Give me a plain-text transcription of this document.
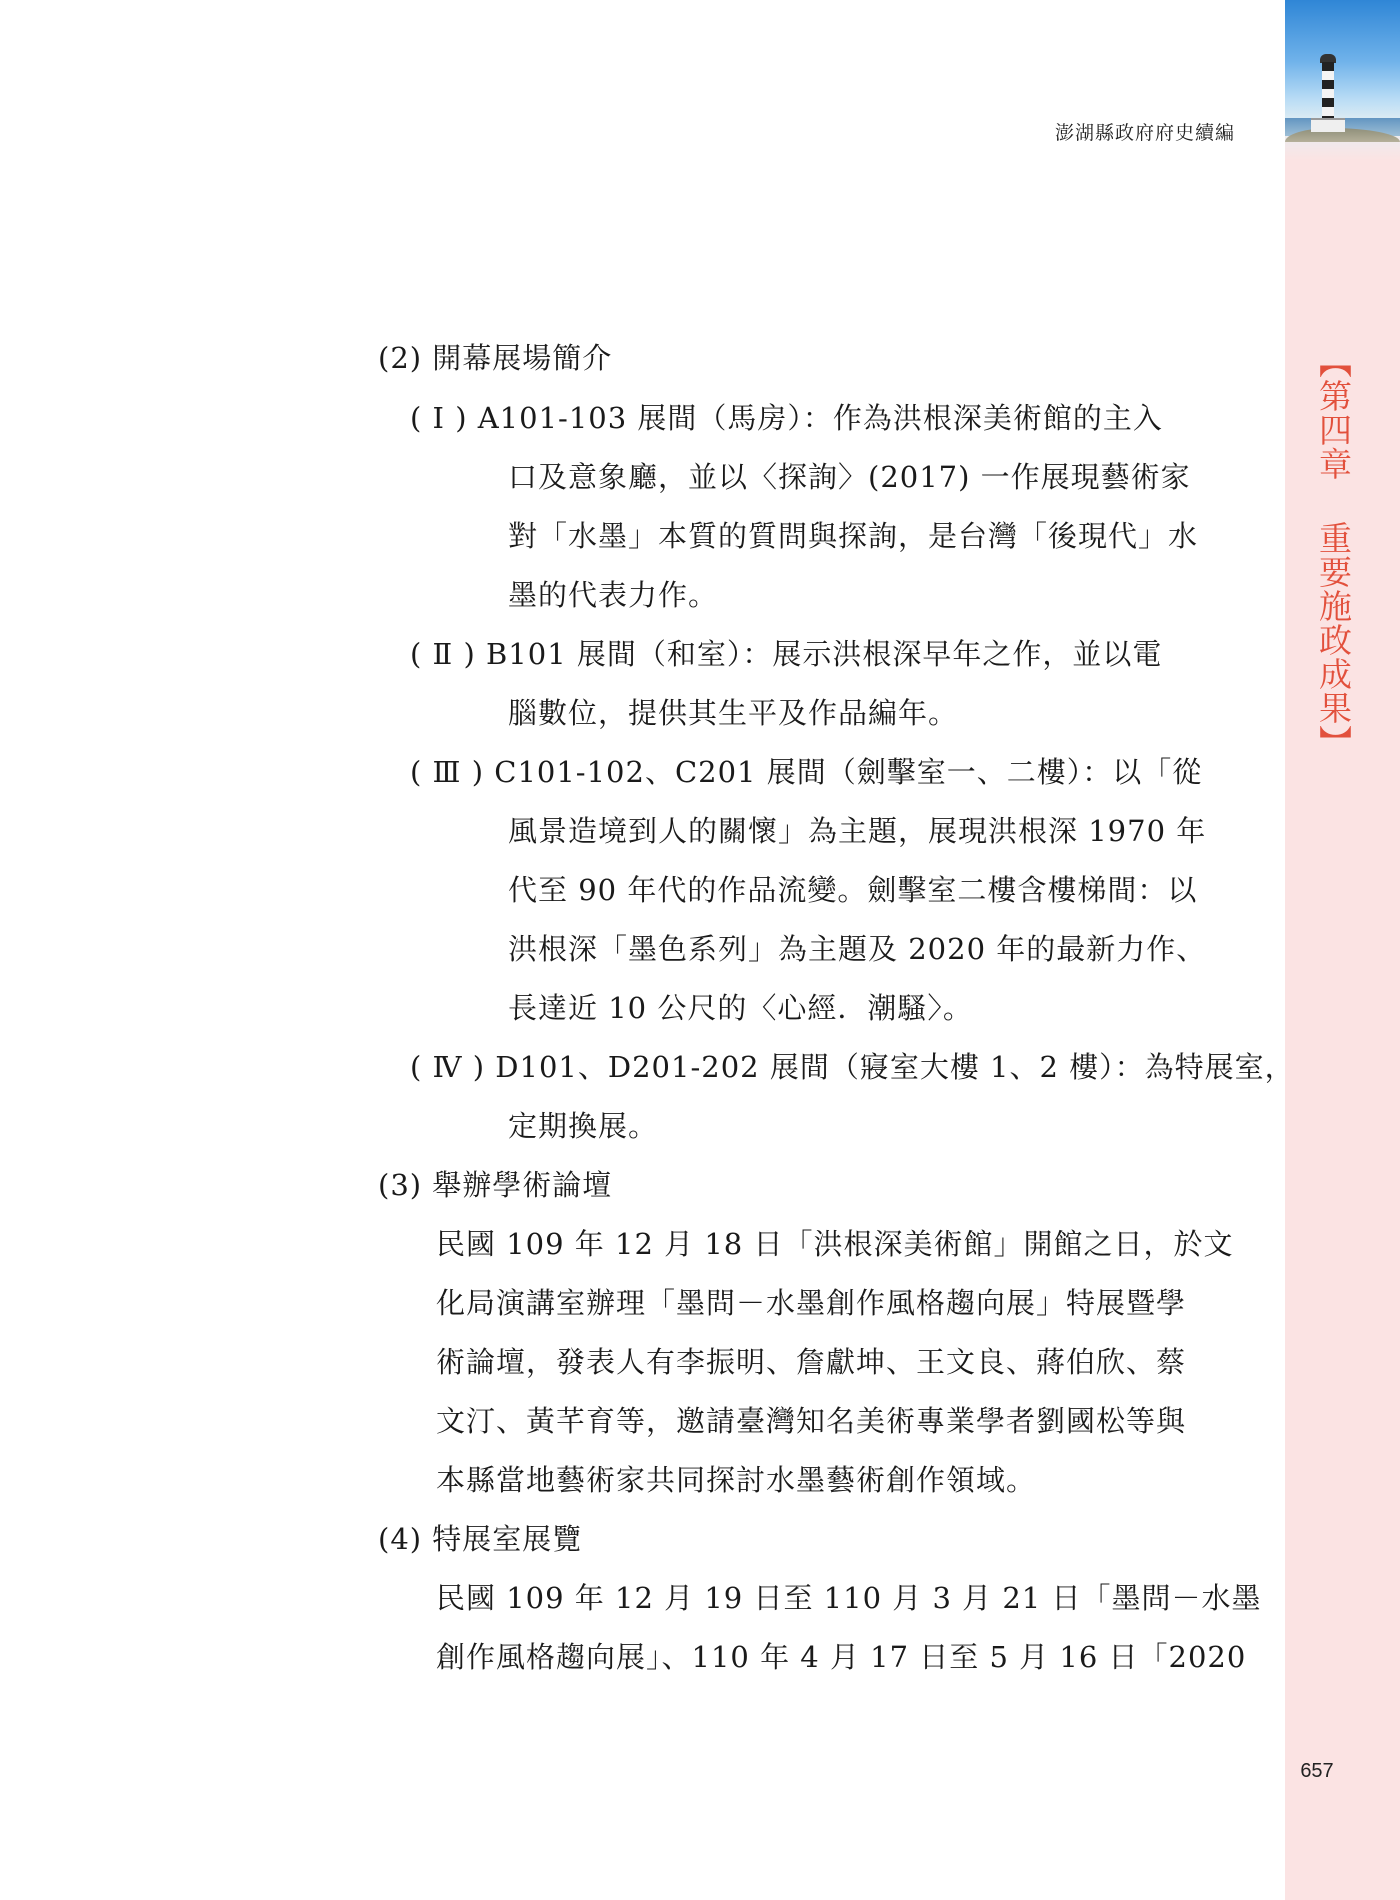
【第四章 重要施政成果】
657
澎湖縣政府府史續編
(2) 開幕展場簡介
( Ⅰ ) A101-103 展間（馬房）：作為洪根深美術館的主入
口及意象廳，並以〈探詢〉(2017) 一作展現藝術家
對「水墨」本質的質問與探詢，是台灣「後現代」水
墨的代表力作。
( Ⅱ ) B101 展間（和室）：展示洪根深早年之作，並以電
腦數位，提供其生平及作品編年。
( Ⅲ ) C101-102、C201 展間（劍擊室一、二樓）：以「從
風景造境到人的關懷」為主題，展現洪根深 1970 年
代至 90 年代的作品流變。劍擊室二樓含樓梯間：以
洪根深「墨色系列」為主題及 2020 年的最新力作、
長達近 10 公尺的〈心經．潮騷〉。
( Ⅳ ) D101、D201-202 展間（寢室大樓 1、2 樓）：為特展室，
定期換展。
(3) 舉辦學術論壇
民國 109 年 12 月 18 日「洪根深美術館」開館之日，於文
化局演講室辦理「墨問－水墨創作風格趨向展」特展暨學
術論壇，發表人有李振明、詹獻坤、王文良、蔣伯欣、蔡
文汀、黃芊育等，邀請臺灣知名美術專業學者劉國松等與
本縣當地藝術家共同探討水墨藝術創作領域。
(4) 特展室展覽
民國 109 年 12 月 19 日至 110 月 3 月 21 日「墨問－水墨
創作風格趨向展」、110 年 4 月 17 日至 5 月 16 日「2020
